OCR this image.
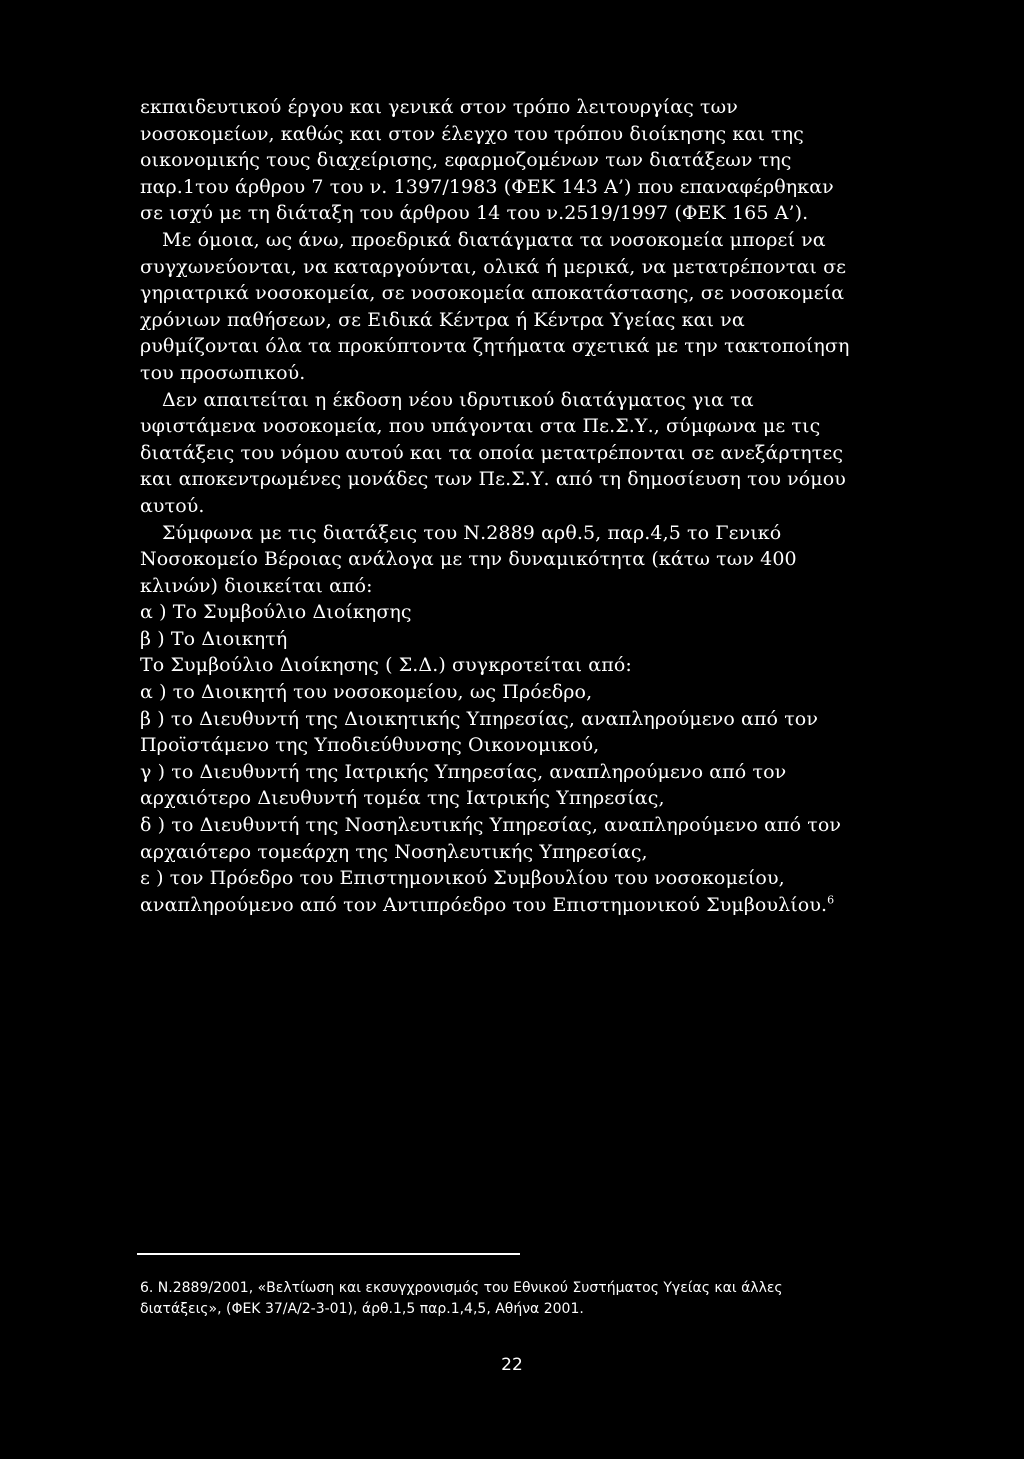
εκπαιδευτικού έργου και γενικά στον τρόπο λειτουργίας των
νοσοκομείων, καθώς και στον έλεγχο του τρόπου διοίκησης και της
οικονομικής τους διαχείρισης, εφαρμοζομένων των διατάξεων της
παρ.1του άρθρου 7 του ν. 1397/1983 (ΦΕΚ 143 Α’) που επαναφέρθηκαν
σε ισχύ με τη διάταξη του άρθρου 14 του ν.2519/1997 (ΦΕΚ 165 Α’).
Με όμοια, ως άνω, προεδρικά διατάγματα τα νοσοκομεία μπορεί να
συγχωνεύονται, να καταργούνται, ολικά ή μερικά, να μετατρέπονται σε
γηριατρικά νοσοκομεία, σε νοσοκομεία αποκατάστασης, σε νοσοκομεία
χρόνιων παθήσεων, σε Ειδικά Κέντρα ή Κέντρα Υγείας και να
ρυθμίζονται όλα τα προκύπτοντα ζητήματα σχετικά με την τακτοποίηση
του προσωπικού.
Δεν απαιτείται η έκδοση νέου ιδρυτικού διατάγματος για τα
υφιστάμενα νοσοκομεία, που υπάγονται στα Πε.Σ.Υ., σύμφωνα με τις
διατάξεις του νόμου αυτού και τα οποία μετατρέπονται σε ανεξάρτητες
και αποκεντρωμένες μονάδες των Πε.Σ.Υ. από τη δημοσίευση του νόμου
αυτού.
Σύμφωνα με τις διατάξεις του Ν.2889 αρθ.5, παρ.4,5 το Γενικό
Νοσοκομείο Βέροιας ανάλογα με την δυναμικότητα (κάτω των 400
κλινών) διοικείται από:
α ) Το Συμβούλιο Διοίκησης
β ) Το Διοικητή
Το Συμβούλιο Διοίκησης ( Σ.Δ.) συγκροτείται από:
α ) το Διοικητή του νοσοκομείου, ως Πρόεδρο,
β ) το Διευθυντή της Διοικητικής Υπηρεσίας, αναπληρούμενο από τον
Προϊστάμενο της Υποδιεύθυνσης Οικονομικού,
γ ) το Διευθυντή της Ιατρικής Υπηρεσίας, αναπληρούμενο από τον
αρχαιότερο Διευθυντή τομέα της Ιατρικής Υπηρεσίας,
δ ) το Διευθυντή της Νοσηλευτικής Υπηρεσίας, αναπληρούμενο από τον
αρχαιότερο τομεάρχη της Νοσηλευτικής Υπηρεσίας,
ε ) τον Πρόεδρο του Επιστημονικού Συμβουλίου του νοσοκομείου,
αναπληρούμενο από τον Αντιπρόεδρο του Επιστημονικού Συμβουλίου.$^6$
6. Ν.2889/2001, «Βελτίωση και εκσυγχρονισμός του Εθνικού Συστήματος Υγείας και άλλες
διατάξεις», (ΦΕΚ 37/Α/2-3-01), άρθ.1,5 παρ.1,4,5, Αθήνα 2001.
22
